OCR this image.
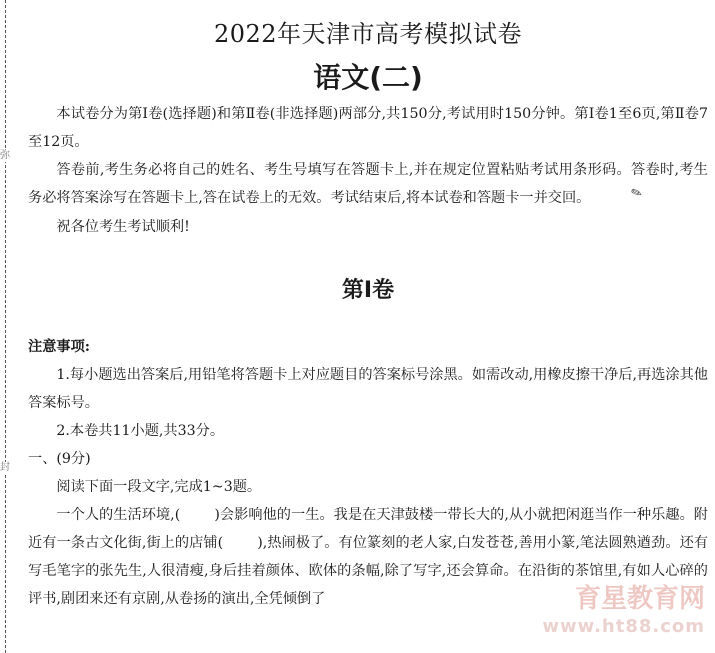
弥
封
2022年天津市高考模拟试卷
语文(二)

本试卷分为第Ⅰ卷(选择题)和第Ⅱ卷(非选择题)两部分,共150分,考试用时150分钟。第Ⅰ卷1至6页,第Ⅱ卷7至12页。

答卷前,考生务必将自己的姓名、考生号填写在答题卡上,并在规定位置粘贴考试用条形码。答卷时,考生务必将答案涂写在答题卡上,答在试卷上的无效。考试结束后,将本试卷和答题卡一并交回。	✎

祝各位考生考试顺利!

第Ⅰ卷

注意事项:

1.每小题选出答案后,用铅笔将答题卡上对应题目的答案标号涂黑。如需改动,用橡皮擦干净后,再选涂其他答案标号。

2.本卷共11小题,共33分。

一、(9分)

阅读下面一段文字,完成1~3题。

一个人的生活环境,( )会影响他的一生。我是在天津鼓楼一带长大的,从小就把闲逛当作一种乐趣。附近有一条古文化街,街上的店铺( ),热闹极了。有位篆刻的老人家,白发苍苍,善用小篆,笔法圆熟遒劲。还有写毛笔字的张先生,人很清瘦,身后挂着颜体、欧体的条幅,除了写字,还会算命。在沿街的茶馆里,有如人心碎的评书,剧团来还有京剧,从卷扬的演出,全凭倾倒了	育星教育网
www.ht88.com
